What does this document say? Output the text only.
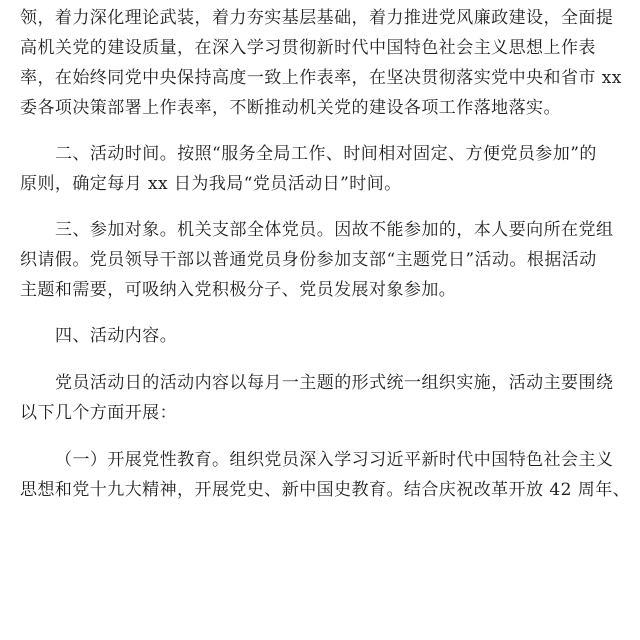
领，着力深化理论武装，着力夯实基层基础，着力推进党风廉政建设，全面提
高机关党的建设质量，在深入学习贯彻新时代中国特色社会主义思想上作表
率，在始终同党中央保持高度一致上作表率，在坚决贯彻落实党中央和省市 xx
委各项决策部署上作表率，不断推动机关党的建设各项工作落地落实。
二、活动时间。按照“服务全局工作、时间相对固定、方便党员参加”的
原则，确定每月 xx 日为我局“党员活动日”时间。
三、参加对象。机关支部全体党员。因故不能参加的，本人要向所在党组
织请假。党员领导干部以普通党员身份参加支部“主题党日”活动。根据活动
主题和需要，可吸纳入党积极分子、党员发展对象参加。
四、活动内容。
党员活动日的活动内容以每月一主题的形式统一组织实施，活动主要围绕
以下几个方面开展：
（一）开展党性教育。组织党员深入学习习近平新时代中国特色社会主义
思想和党十九大精神，开展党史、新中国史教育。结合庆祝改革开放 42 周年、
